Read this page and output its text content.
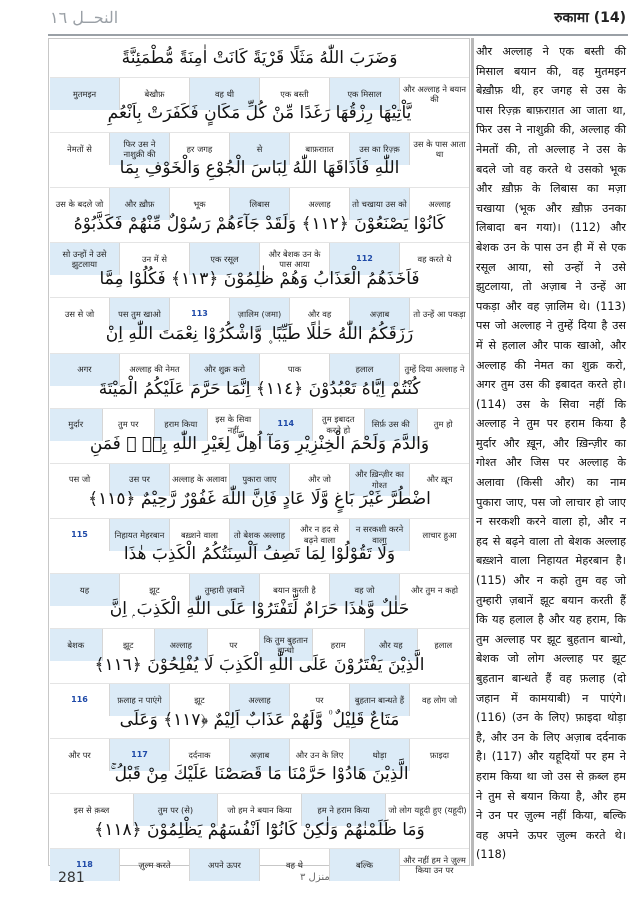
النحــل ١٦	रुकामा (14)
وَضَرَبَ اللّٰهُ مَثَلًا قَرْيَةً كَانَتْ اٰمِنَةً مُّطْمَئِنَّةً
और अल्लाह ने बयान की
एक मिसाल
एक बस्ती
वह थी
बेखौफ़
मुतमइन
يَّاْتِيْهَا رِزْقُهَا رَغَدًا مِّنْ كُلِّ مَكَانٍ فَكَفَرَتْ بِاَنْعُمِ
उस के पास आता था
उस का रिज़्क़
बाफ़राग़त
से
हर जगह
फिर उस ने नाशुक्री की
नेमतों से
اللّٰهِ فَاَذَاقَهَا اللّٰهُ لِبَاسَ الْجُوْعِ وَالْخَوْفِ بِمَا
अल्लाह
तो चखाया उस को
अल्लाह
लिबास
भूक
और ख़ौफ़
उस के बदले जो
كَانُوْا يَصْنَعُوْنَ ﴿١١٢﴾ وَلَقَدْ جَآءَهُمْ رَسُوْلٌ مِّنْهُمْ فَكَذَّبُوْهُ
वह करते थे
112
और बेशक उन के पास आया
एक रसूल
उन में से
सो उन्हों ने उसे झुटलाया
فَاَخَذَهُمُ الْعَذَابُ وَهُمْ ظٰلِمُوْنَ ﴿١١٣﴾ فَكُلُوْا مِمَّا
तो उन्हें आ पकड़ा
अज़ाब
और वह
ज़ालिम (जमा)
113
पस तुम खाओ
उस से जो
رَزَقَكُمُ اللّٰهُ حَلٰلًا طَيِّبًا ۪ وَّاشْكُرُوْا نِعْمَتَ اللّٰهِ اِنْ
तुम्हें दिया अल्लाह ने
हलाल
पाक
और शुक्र करो
अल्लाह की नेमत
अगर
كُنْتُمْ اِيَّاهُ تَعْبُدُوْنَ ﴿١١٤﴾ اِنَّمَا حَرَّمَ عَلَيْكُمُ الْمَيْتَةَ
तुम हो
सिर्फ़ उस की
तुम इबादत करते हो
114
इस के सिवा नहीं
हराम किया
तुम पर
मुर्दार
وَالدَّمَ وَلَحْمَ الْخِنْزِيْرِ وَمَآ اُهِلَّ لِغَيْرِ اللّٰهِ بِهٖ ۚ فَمَنِ
और ख़ून
और ख़िन्ज़ीर का गोश्त
और जो
पुकारा जाए
अल्लाह के अलावा
उस पर
पस जो
اضْطُرَّ غَيْرَ بَاغٍ وَّلَا عَادٍ فَاِنَّ اللّٰهَ غَفُوْرٌ رَّحِيْمٌ ﴿١١٥﴾
लाचार हुआ
न सरकशी करने वाला
और न हद से बढ़ने वाला
तो बेशक अल्लाह
बख़्शने वाला
निहायत मेहरबान
115
وَلَا تَقُوْلُوْا لِمَا تَصِفُ اَلْسِنَتُكُمُ الْكَذِبَ هٰذَا
और तुम न कहो
वह जो
बयान करती है
तुम्हारी ज़बानें
झूट
यह
حَلٰلٌ وَّهٰذَا حَرَامٌ لِّتَفْتَرُوْا عَلَى اللّٰهِ الْكَذِبَ ۭ اِنَّ
हलाल
और यह
हराम
कि तुम बुहतान बान्धो
पर
अल्लाह
झूट
बेशक
الَّذِيْنَ يَفْتَرُوْنَ عَلَى اللّٰهِ الْكَذِبَ لَا يُفْلِحُوْنَ ﴿١١٦﴾
वह लोग जो
बुहतान बान्धते हैं
पर
अल्लाह
झूट
फ़लाह न पाएंगे
116
مَتَاعٌ قَلِيْلٌ ۠ وَّلَهُمْ عَذَابٌ اَلِيْمٌ ﴿١١٧﴾ وَعَلَى
फ़ाइदा
थोड़ा
और उन के लिए
अज़ाब
दर्दनाक
117
और पर
الَّذِيْنَ هَادُوْا حَرَّمْنَا مَا قَصَصْنَا عَلَيْكَ مِنْ قَبْلُ ۚ
जो लोग यहूदी हुए (यहूदी)
हम ने हराम किया
जो हम ने बयान किया
तुम पर (से)
इस से क़ब्ल
وَمَا ظَلَمْنٰهُمْ وَلٰكِنْ كَانُوْٓا اَنْفُسَهُمْ يَظْلِمُوْنَ ﴿١١٨﴾
और नहीं हम ने ज़ुल्म किया उन पर
बल्कि
वह थे
अपने ऊपर
ज़ुल्म करते
118

और अल्लाह ने एक बस्ती की मिसाल बयान की, वह मुतमइन बेख़ौफ़ थी, हर जगह से उस के पास रिज़्क़ बाफ़राग़त आ जाता था, फिर उस ने नाशुक्री की, अल्लाह की नेमतों की, तो अल्लाह ने उस के बदले जो वह करते थे उसको भूक और ख़ौफ़ के लिबास का मज़ा चखाया (भूक और ख़ौफ़ उनका लिबादा बन गया)। (112) और बेशक उन के पास उन ही में से एक रसूल आया, सो उन्हों ने उसे झुटलाया, तो अज़ाब ने उन्हें आ पकड़ा और वह ज़ालिम थे। (113) पस जो अल्लाह ने तुम्हें दिया है उस में से हलाल और पाक खाओ, और अल्लाह की नेमत का शुक्र करो, अगर तुम उस की इबादत करते हो। (114) उस के सिवा नहीं कि अल्लाह ने तुम पर हराम किया है मुर्दार और ख़ून, और ख़िन्ज़ीर का गोश्त और जिस पर अल्लाह के अलावा (किसी और) का नाम पुकारा जाए, पस जो लाचार हो जाए न सरकशी करने वाला हो, और न हद से बढ़ने वाला तो बेशक अल्लाह बख़्शने वाला निहायत मेहरबान है। (115) और न कहो तुम वह जो तुम्हारी ज़बानें झूट बयान करती हैं कि यह हलाल है और यह हराम, कि तुम अल्लाह पर झूट बुहतान बान्धो, बेशक जो लोग अल्लाह पर झूट बुहतान बान्धते हैं वह फ़लाह (दो जहान में कामयाबी) न पाएंगे। (116) (उन के लिए) फ़ाइदा थोड़ा है, और उन के लिए अज़ाब दर्दनाक है। (117) और यहूदियों पर हम ने हराम किया था जो उस से क़ब्ल हम ने तुम से बयान किया है, और हम ने उन पर ज़ुल्म नहीं किया, बल्कि वह अपने ऊपर ज़ुल्म करते थे। (118)

281	منزل ٣
